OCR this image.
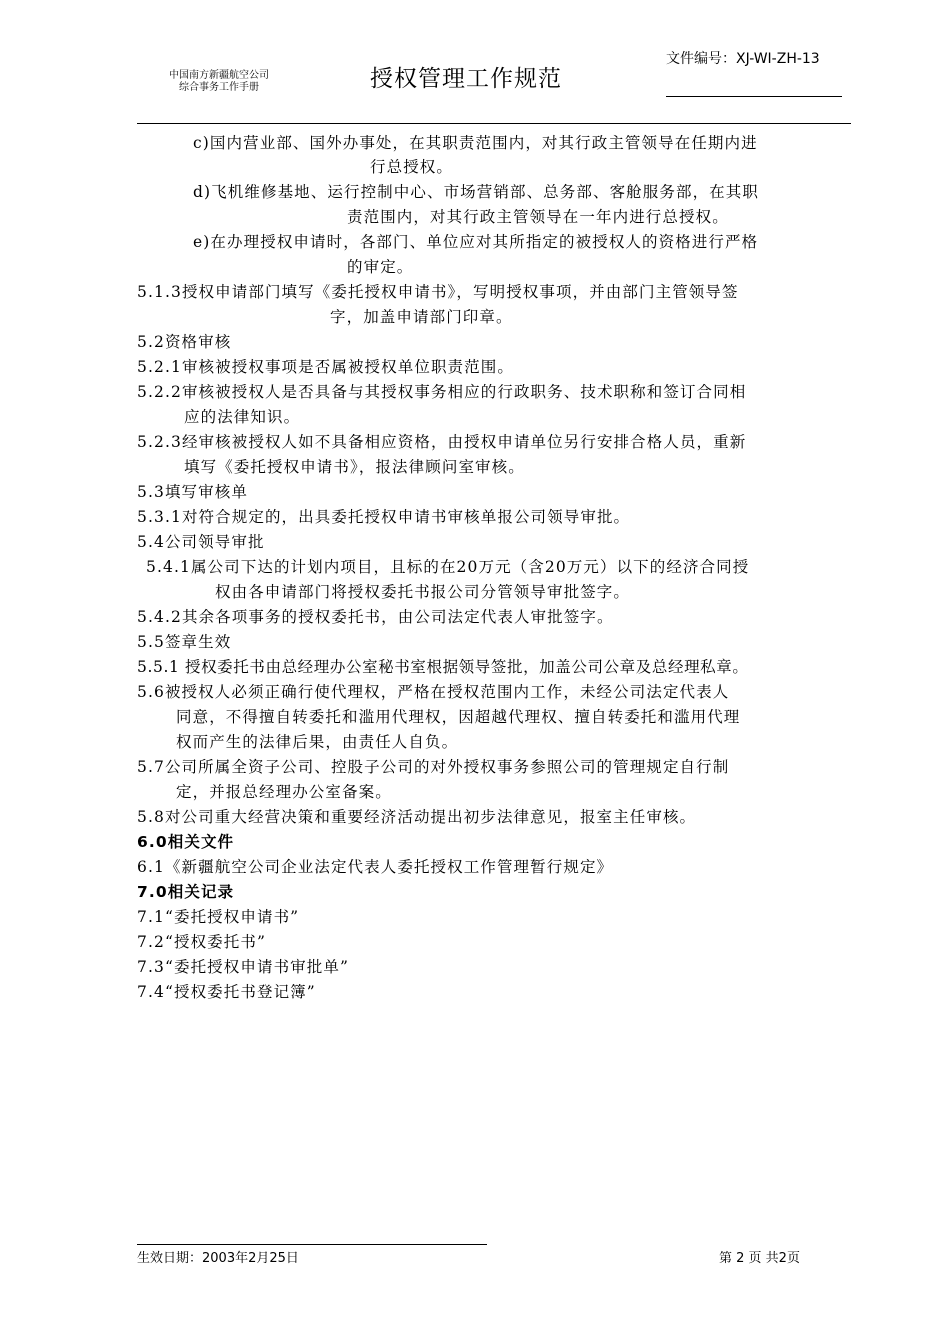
中国南方新疆航空公司
综合事务工作手册	授权管理工作规范
文件编号：XJ-WI-ZH-13
c)国内营业部、国外办事处，在其职责范围内，对其行政主管领导在任期内进
行总授权。
d)飞机维修基地、运行控制中心、市场营销部、总务部、客舱服务部，在其职
责范围内，对其行政主管领导在一年内进行总授权。
e)在办理授权申请时，各部门、单位应对其所指定的被授权人的资格进行严格
的审定。
5.1.3授权申请部门填写《委托授权申请书》，写明授权事项，并由部门主管领导签
字，加盖申请部门印章。
5.2资格审核
5.2.1审核被授权事项是否属被授权单位职责范围。
5.2.2审核被授权人是否具备与其授权事务相应的行政职务、技术职称和签订合同相
应的法律知识。
5.2.3经审核被授权人如不具备相应资格，由授权申请单位另行安排合格人员，重新
填写《委托授权申请书》，报法律顾问室审核。
5.3填写审核单
5.3.1对符合规定的，出具委托授权申请书审核单报公司领导审批。
5.4公司领导审批
5.4.1属公司下达的计划内项目，且标的在20万元（含20万元）以下的经济合同授
权由各申请部门将授权委托书报公司分管领导审批签字。
5.4.2其余各项事务的授权委托书，由公司法定代表人审批签字。
5.5签章生效
5.5.1 授权委托书由总经理办公室秘书室根据领导签批，加盖公司公章及总经理私章。
5.6被授权人必须正确行使代理权，严格在授权范围内工作，未经公司法定代表人
同意，不得擅自转委托和滥用代理权，因超越代理权、擅自转委托和滥用代理
权而产生的法律后果，由责任人自负。
5.7公司所属全资子公司、控股子公司的对外授权事务参照公司的管理规定自行制
定，并报总经理办公室备案。
5.8对公司重大经营决策和重要经济活动提出初步法律意见，报室主任审核。
6.0相关文件
6.1《新疆航空公司企业法定代表人委托授权工作管理暂行规定》
7.0相关记录
7.1“委托授权申请书”
7.2“授权委托书”
7.3“委托授权申请书审批单”
7.4“授权委托书登记簿”
生效日期：2003年2月25日	第 2 页 共2页
